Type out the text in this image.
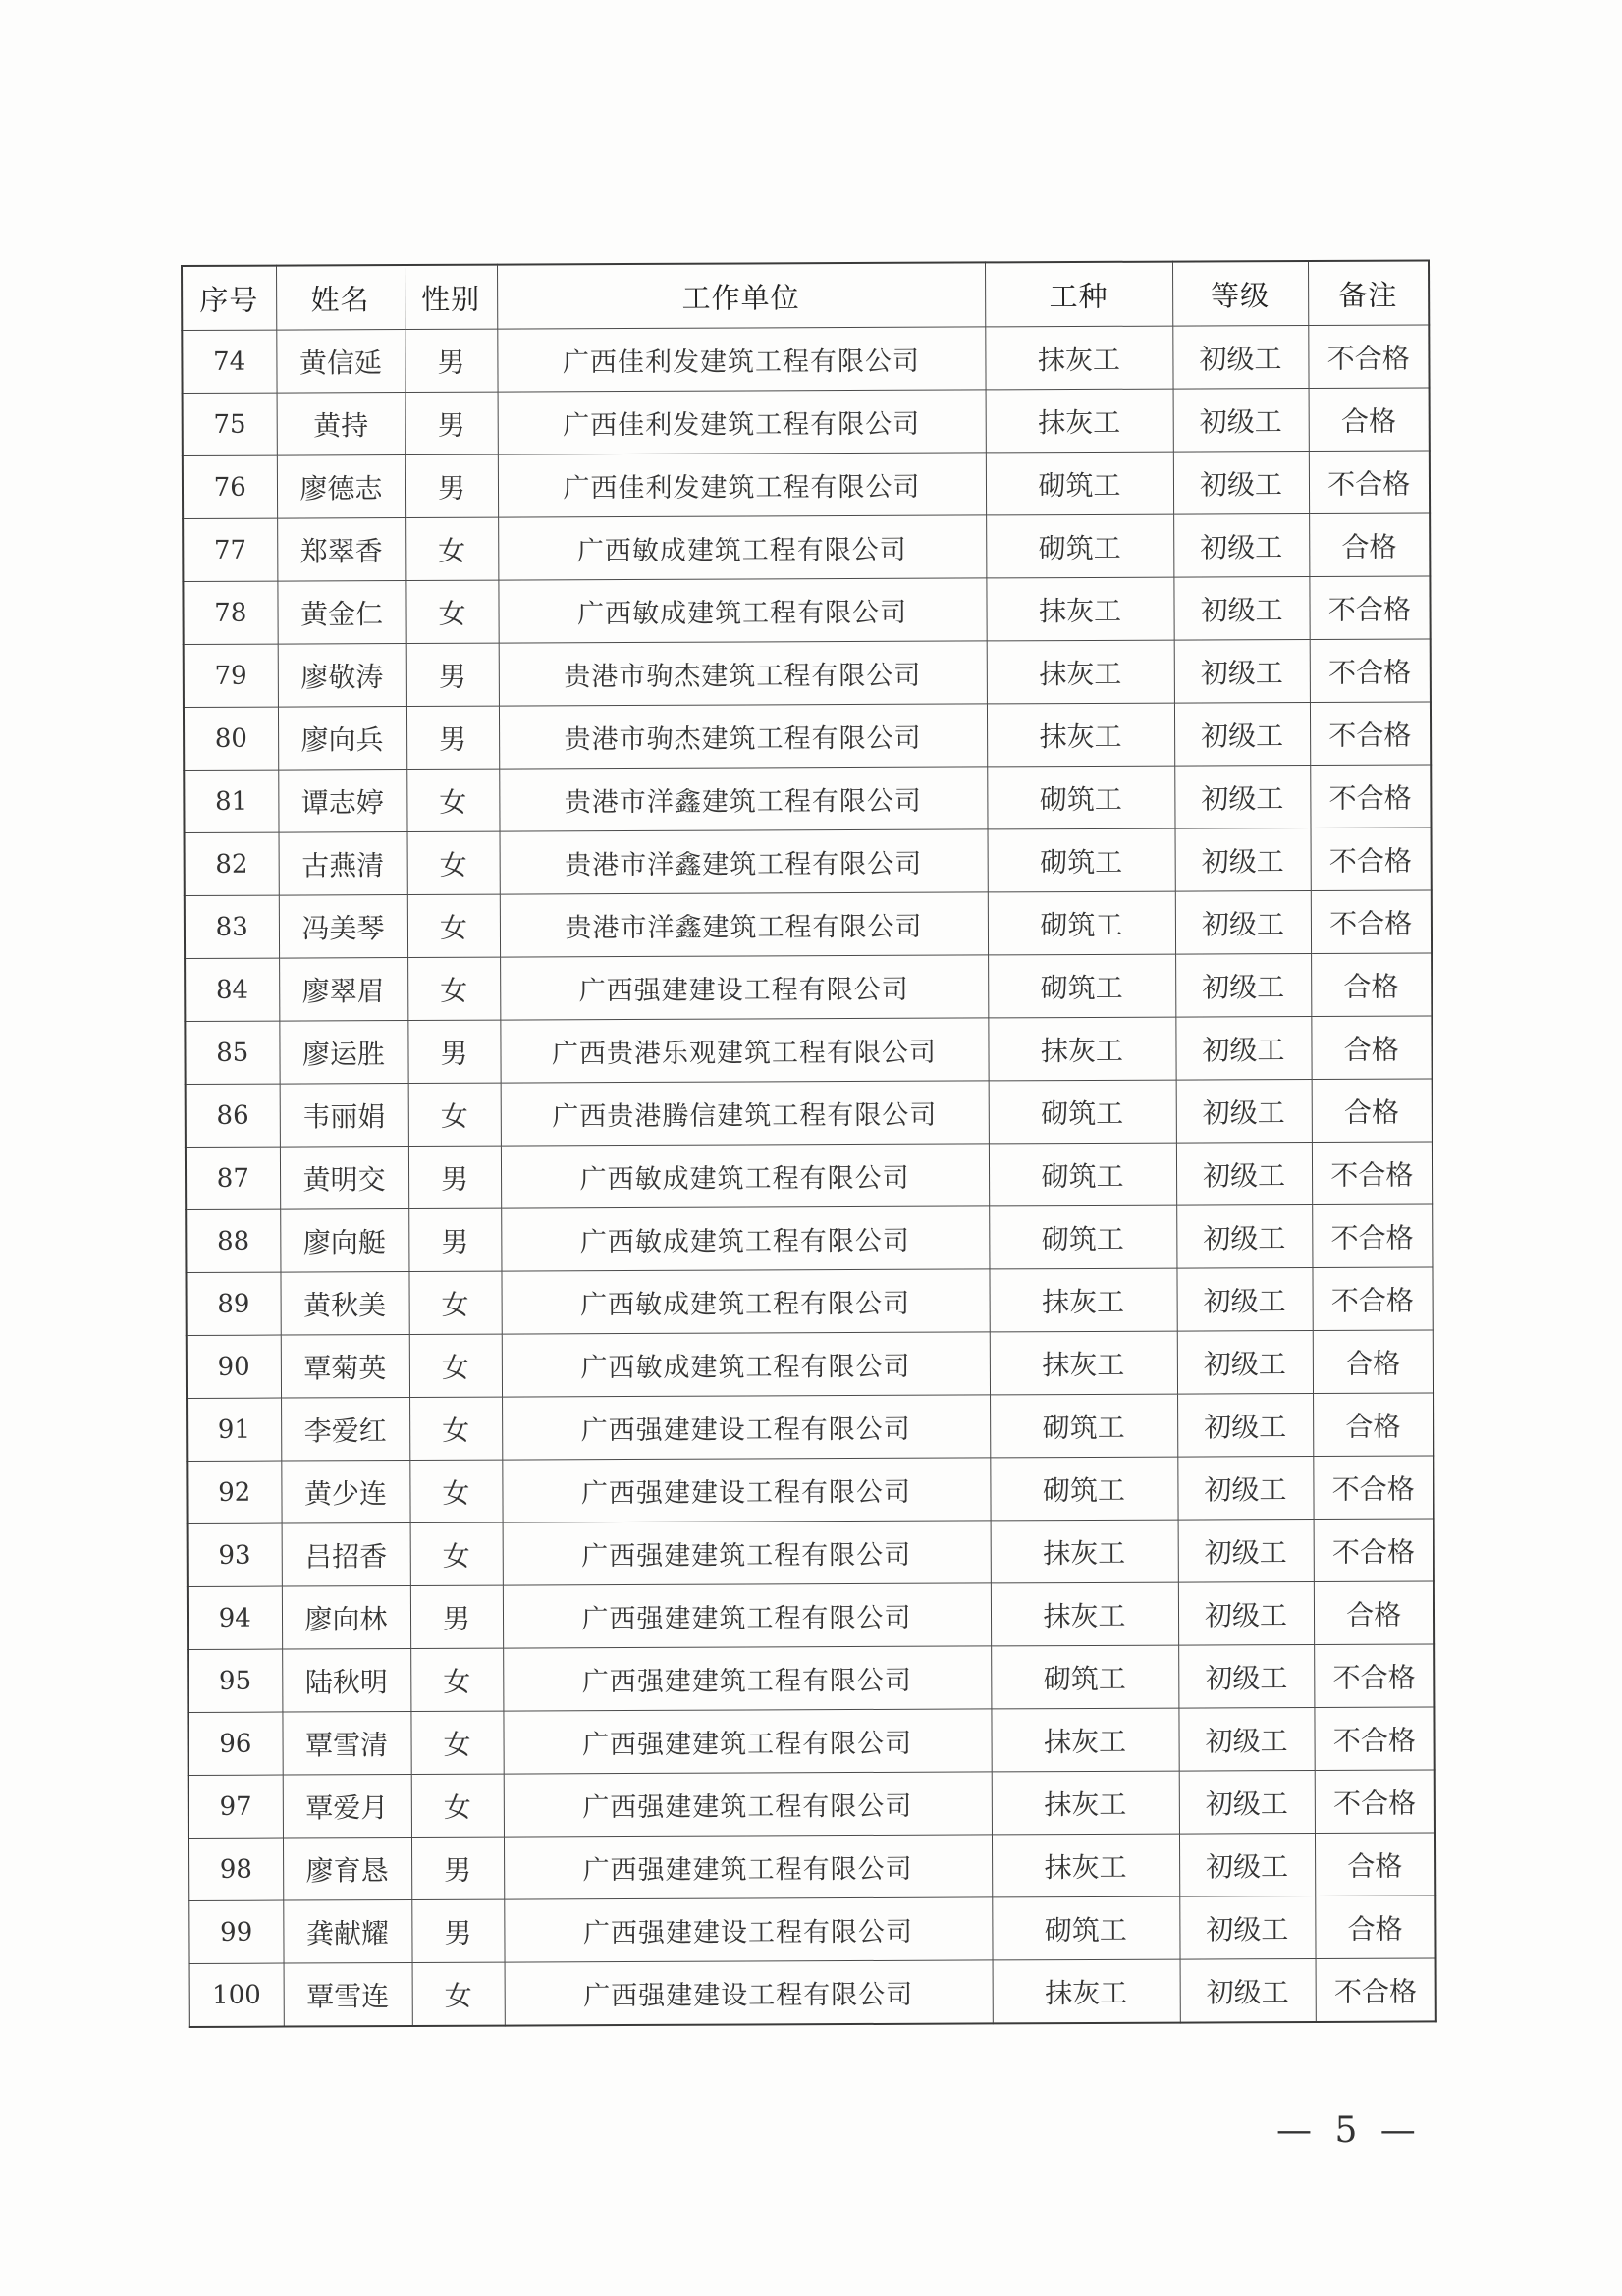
序号	姓名	性别	工作单位	工种	等级	备注
74	黄信延	男	广西佳利发建筑工程有限公司	抹灰工	初级工	不合格
75	黄持	男	广西佳利发建筑工程有限公司	抹灰工	初级工	合格
76	廖德志	男	广西佳利发建筑工程有限公司	砌筑工	初级工	不合格
77	郑翠香	女	广西敏成建筑工程有限公司	砌筑工	初级工	合格
78	黄金仁	女	广西敏成建筑工程有限公司	抹灰工	初级工	不合格
79	廖敬涛	男	贵港市驹杰建筑工程有限公司	抹灰工	初级工	不合格
80	廖向兵	男	贵港市驹杰建筑工程有限公司	抹灰工	初级工	不合格
81	谭志婷	女	贵港市洋鑫建筑工程有限公司	砌筑工	初级工	不合格
82	古燕清	女	贵港市洋鑫建筑工程有限公司	砌筑工	初级工	不合格
83	冯美琴	女	贵港市洋鑫建筑工程有限公司	砌筑工	初级工	不合格
84	廖翠眉	女	广西强建建设工程有限公司	砌筑工	初级工	合格
85	廖运胜	男	广西贵港乐观建筑工程有限公司	抹灰工	初级工	合格
86	韦丽娟	女	广西贵港腾信建筑工程有限公司	砌筑工	初级工	合格
87	黄明交	男	广西敏成建筑工程有限公司	砌筑工	初级工	不合格
88	廖向艇	男	广西敏成建筑工程有限公司	砌筑工	初级工	不合格
89	黄秋美	女	广西敏成建筑工程有限公司	抹灰工	初级工	不合格
90	覃菊英	女	广西敏成建筑工程有限公司	抹灰工	初级工	合格
91	李爱红	女	广西强建建设工程有限公司	砌筑工	初级工	合格
92	黄少连	女	广西强建建设工程有限公司	砌筑工	初级工	不合格
93	吕招香	女	广西强建建筑工程有限公司	抹灰工	初级工	不合格
94	廖向林	男	广西强建建筑工程有限公司	抹灰工	初级工	合格
95	陆秋明	女	广西强建建筑工程有限公司	砌筑工	初级工	不合格
96	覃雪清	女	广西强建建筑工程有限公司	抹灰工	初级工	不合格
97	覃爱月	女	广西强建建筑工程有限公司	抹灰工	初级工	不合格
98	廖育恳	男	广西强建建筑工程有限公司	抹灰工	初级工	合格
99	龚献耀	男	广西强建建设工程有限公司	砌筑工	初级工	合格
100	覃雪连	女	广西强建建设工程有限公司	抹灰工	初级工	不合格
— 5 —
